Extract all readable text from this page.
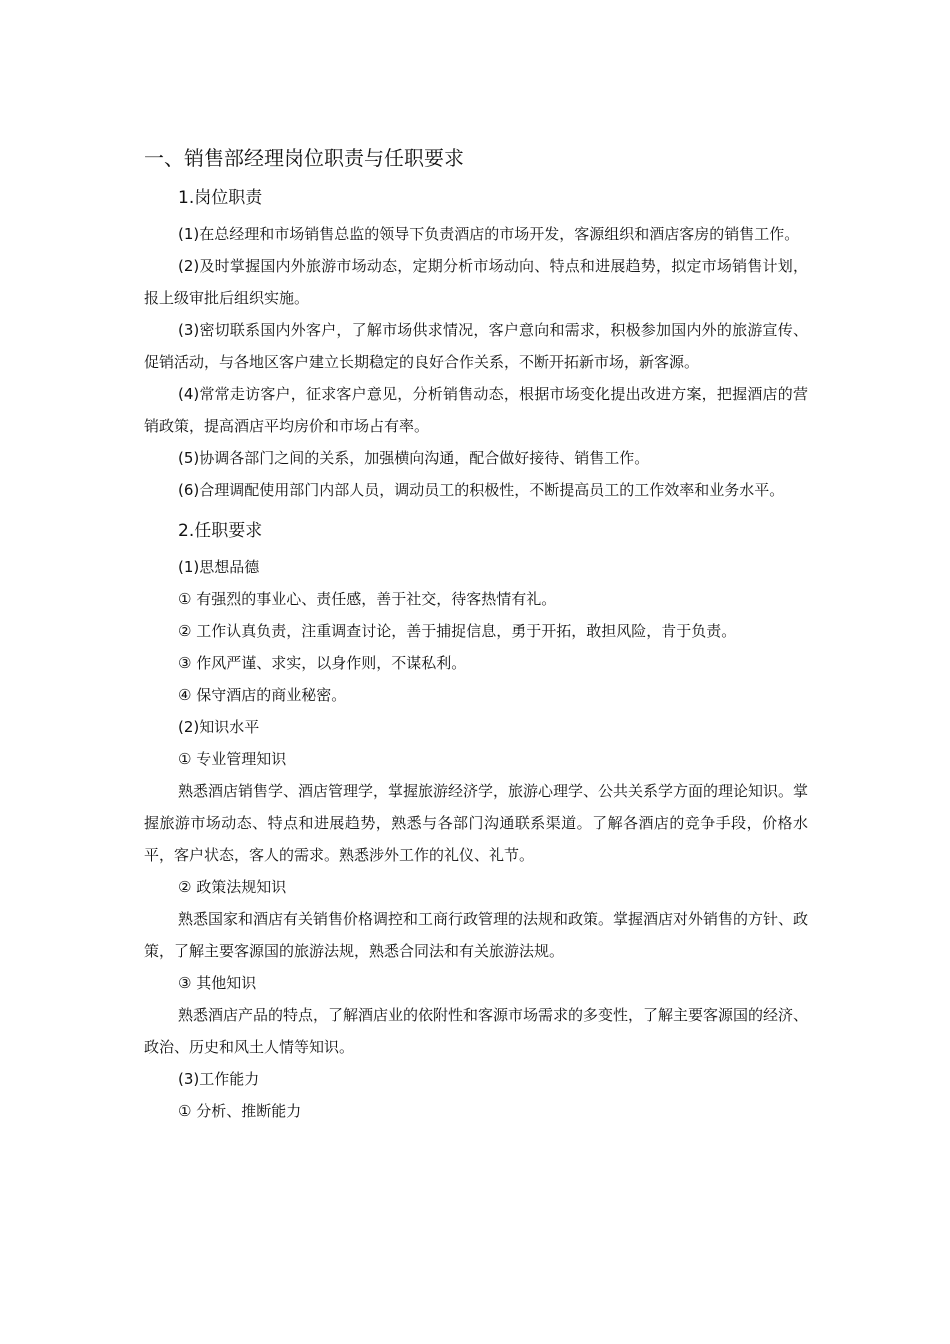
一、销售部经理岗位职责与任职要求
1.岗位职责

(1)在总经理和市场销售总监的领导下负责酒店的市场开发，客源组织和酒店客房的销售工作。

(2)及时掌握国内外旅游市场动态，定期分析市场动向、特点和进展趋势，拟定市场销售计划，报上级审批后组织实施。

(3)密切联系国内外客户，了解市场供求情况，客户意向和需求，积极参加国内外的旅游宣传、促销活动，与各地区客户建立长期稳定的良好合作关系，不断开拓新市场，新客源。

(4)常常走访客户，征求客户意见，分析销售动态，根据市场变化提出改进方案，把握酒店的营销政策，提高酒店平均房价和市场占有率。

(5)协调各部门之间的关系，加强横向沟通，配合做好接待、销售工作。

(6)合理调配使用部门内部人员，调动员工的积极性，不断提高员工的工作效率和业务水平。

2.任职要求

(1)思想品德

① 有强烈的事业心、责任感，善于社交，待客热情有礼。

② 工作认真负责，注重调查讨论，善于捕捉信息，勇于开拓，敢担风险，肯于负责。

③ 作风严谨、求实，以身作则，不谋私利。

④ 保守酒店的商业秘密。

(2)知识水平

① 专业管理知识

熟悉酒店销售学、酒店管理学，掌握旅游经济学，旅游心理学、公共关系学方面的理论知识。掌握旅游市场动态、特点和进展趋势，熟悉与各部门沟通联系渠道。了解各酒店的竞争手段，价格水平，客户状态，客人的需求。熟悉涉外工作的礼仪、礼节。

② 政策法规知识

熟悉国家和酒店有关销售价格调控和工商行政管理的法规和政策。掌握酒店对外销售的方针、政策，了解主要客源国的旅游法规，熟悉合同法和有关旅游法规。

③ 其他知识

熟悉酒店产品的特点，了解酒店业的依附性和客源市场需求的多变性，了解主要客源国的经济、政治、历史和风土人情等知识。

(3)工作能力

① 分析、推断能力
